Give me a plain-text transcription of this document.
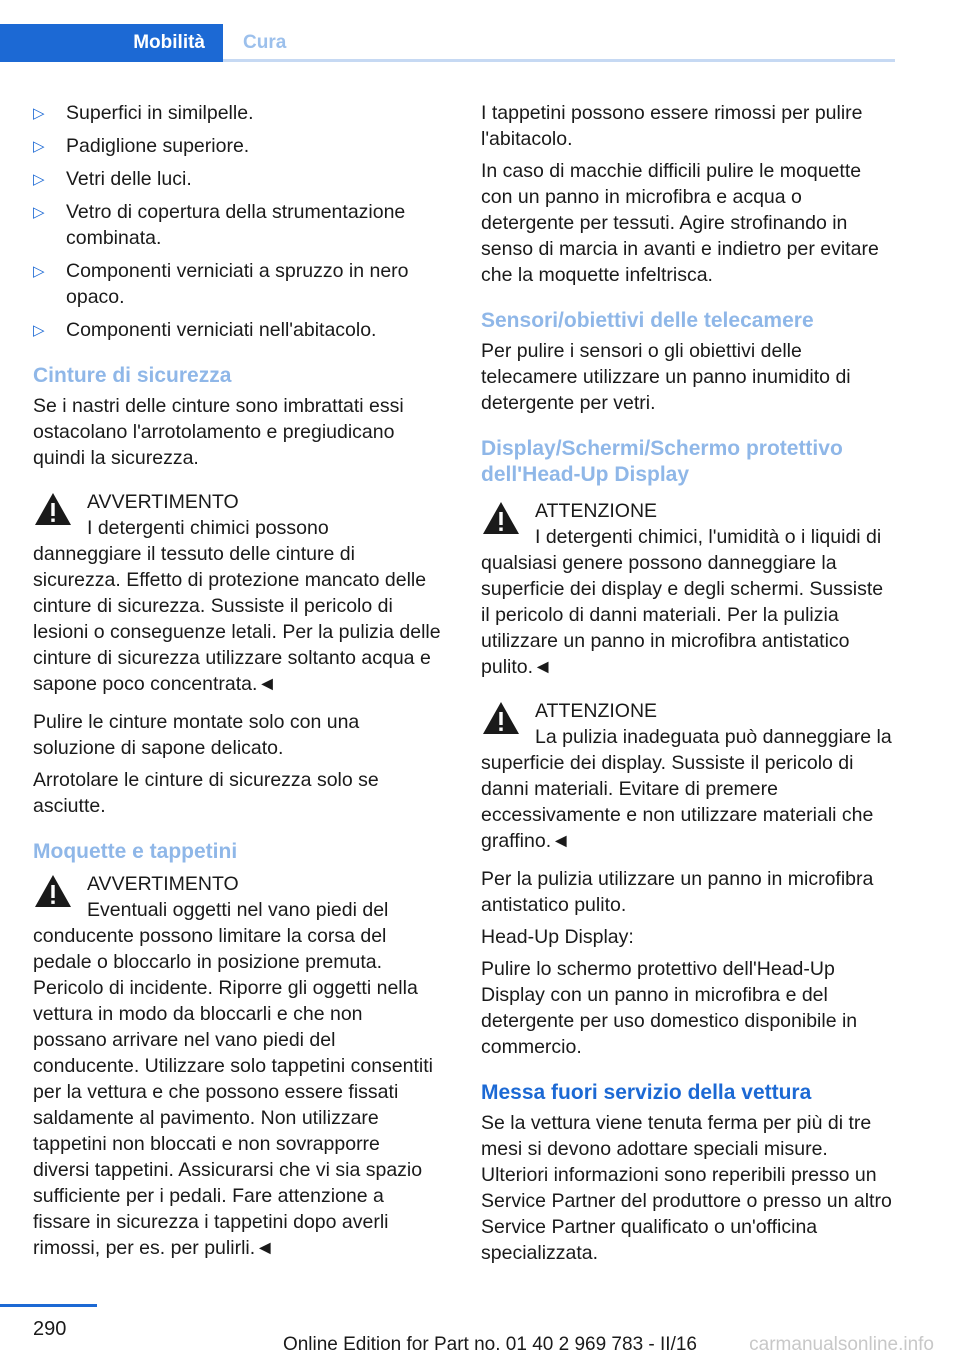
Mobilità	Cura
▷ Superfici in similpelle.
▷ Padiglione superiore.
▷ Vetri delle luci.
▷ Vetro di copertura della strumentazione combinata.
▷ Componenti verniciati a spruzzo in nero opaco.
▷ Componenti verniciati nell'abitacolo.
Cinture di sicurezza

Se i nastri delle cinture sono imbrattati essi ostacolano l'arrotolamento e pregiudicano quindi la sicurezza.

AVVERTIMENTO
I detergenti chimici possono danneggiare il tessuto delle cinture di sicurezza. Effetto di protezione mancato delle cinture di sicurezza. Sussiste il pericolo di lesioni o conseguenze letali. Per la pulizia delle cinture di sicurezza utilizzare soltanto acqua e sapone poco concentrata.◄

Pulire le cinture montate solo con una soluzione di sapone delicato.

Arrotolare le cinture di sicurezza solo se asciutte.

Moquette e tappetini
AVVERTIMENTO
Eventuali oggetti nel vano piedi del conducente possono limitare la corsa del pedale o bloccarlo in posizione premuta. Pericolo di incidente. Riporre gli oggetti nella vettura in modo da bloccarli e che non possano arrivare nel vano piedi del conducente. Utilizzare solo tappetini consentiti per la vettura e che possono essere fissati saldamente al pavimento. Non utilizzare tappetini non bloccati e non sovrapporre diversi tappetini. Assicurarsi che vi sia spazio sufficiente per i pedali. Fare attenzione a fissare in sicurezza i tappetini dopo averli rimossi, per es. per pulirli.◄

I tappetini possono essere rimossi per pulire l'abitacolo.

In caso di macchie difficili pulire le moquette con un panno in microfibra e acqua o detergente per tessuti. Agire strofinando in senso di marcia in avanti e indietro per evitare che la moquette infeltrisca.

Sensori/obiettivi delle telecamere

Per pulire i sensori o gli obiettivi delle telecamere utilizzare un panno inumidito di detergente per vetri.

Display/Schermi/Schermo protettivo dell'Head-Up Display
ATTENZIONE
I detergenti chimici, l'umidità o i liquidi di qualsiasi genere possono danneggiare la superficie dei display e degli schermi. Sussiste il pericolo di danni materiali. Per la pulizia utilizzare un panno in microfibra antistatico pulito.◄
ATTENZIONE
La pulizia inadeguata può danneggiare la superficie dei display. Sussiste il pericolo di danni materiali. Evitare di premere eccessivamente e non utilizzare materiali che graffino.◄

Per la pulizia utilizzare un panno in microfibra antistatico pulito.

Head-Up Display:

Pulire lo schermo protettivo dell'Head-Up Display con un panno in microfibra e del detergente per uso domestico disponibile in commercio.

Messa fuori servizio della vettura

Se la vettura viene tenuta ferma per più di tre mesi si devono adottare speciali misure. Ulteriori informazioni sono reperibili presso un Service Partner del produttore o presso un altro Service Partner qualificato o un'officina specializzata.

290
Online Edition for Part no. 01 40 2 969 783 - II/16	carmanualsonline.info
